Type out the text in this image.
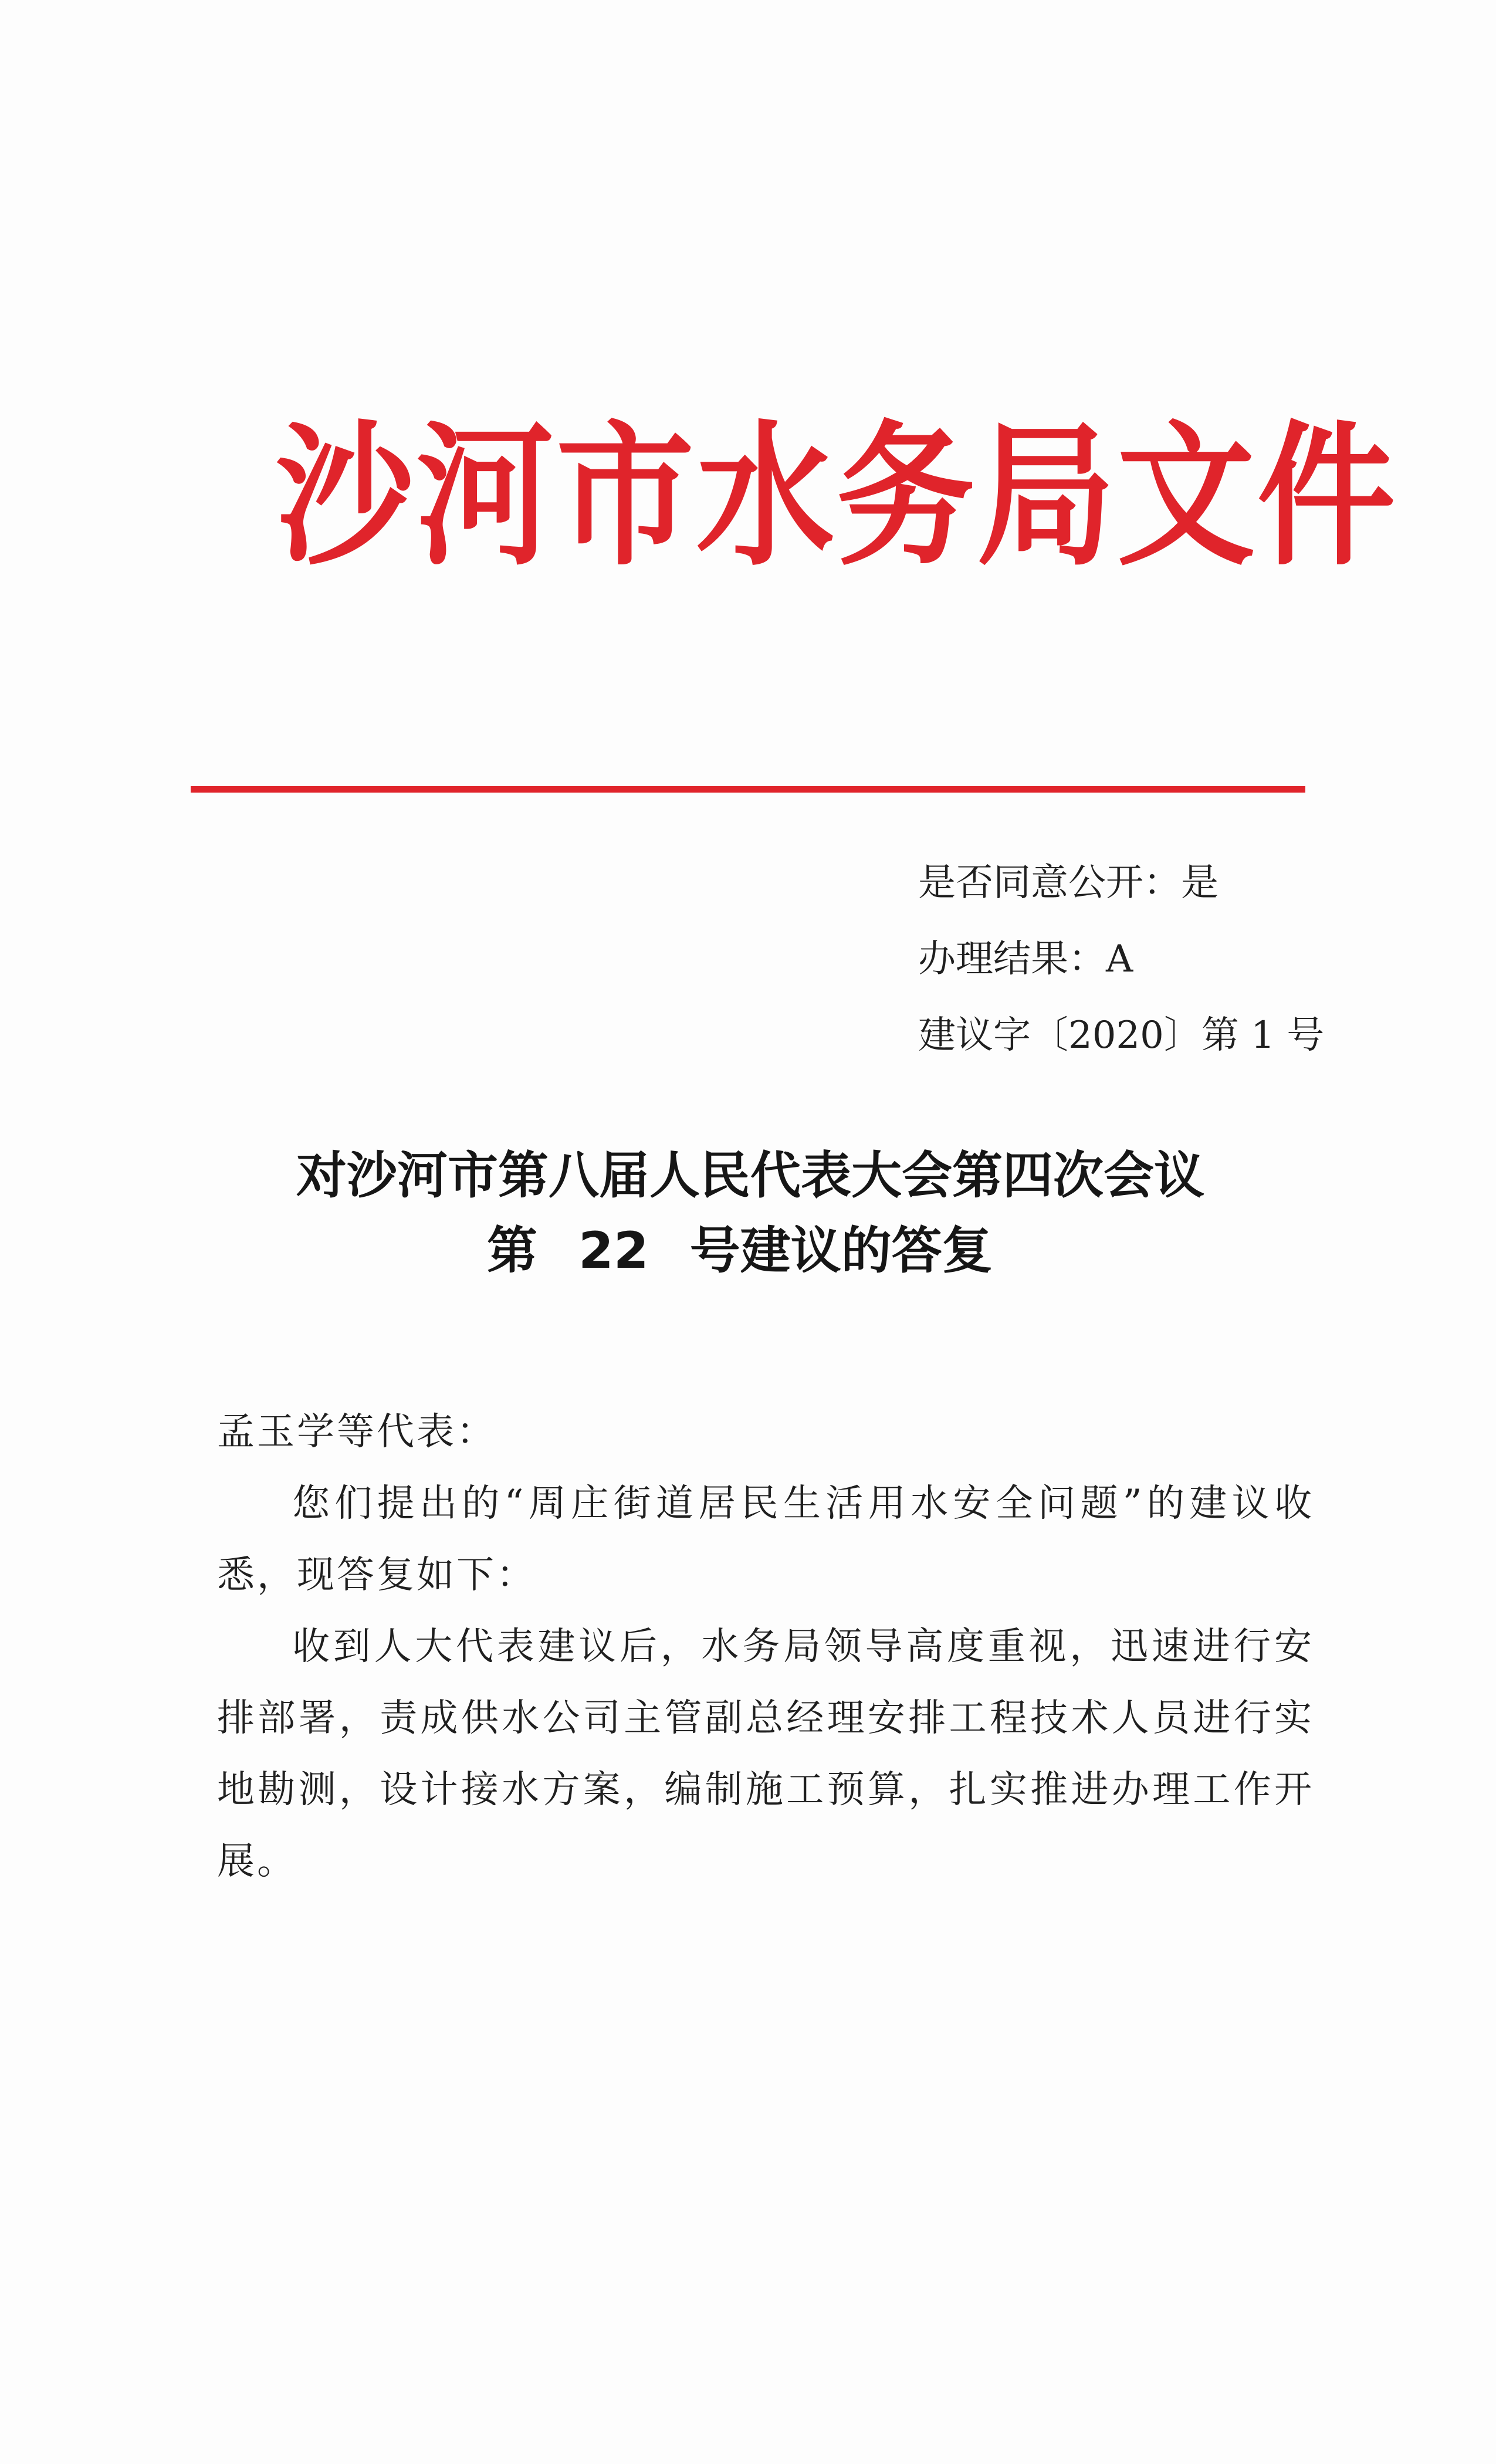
沙河市水务局文件
是否同意公开：是
办理结果：A
建议字〔2020〕第 1 号
对沙河市第八届人民代表大会第四次会议
第 22 号建议的答复

孟玉学等代表：

您们提出的“周庄街道居民生活用水安全问题”的建议收悉，现答复如下：

收到人大代表建议后，水务局领导高度重视，迅速进行安排部署，责成供水公司主管副总经理安排工程技术人员进行实地勘测，设计接水方案，编制施工预算，扎实推进办理工作开展。
